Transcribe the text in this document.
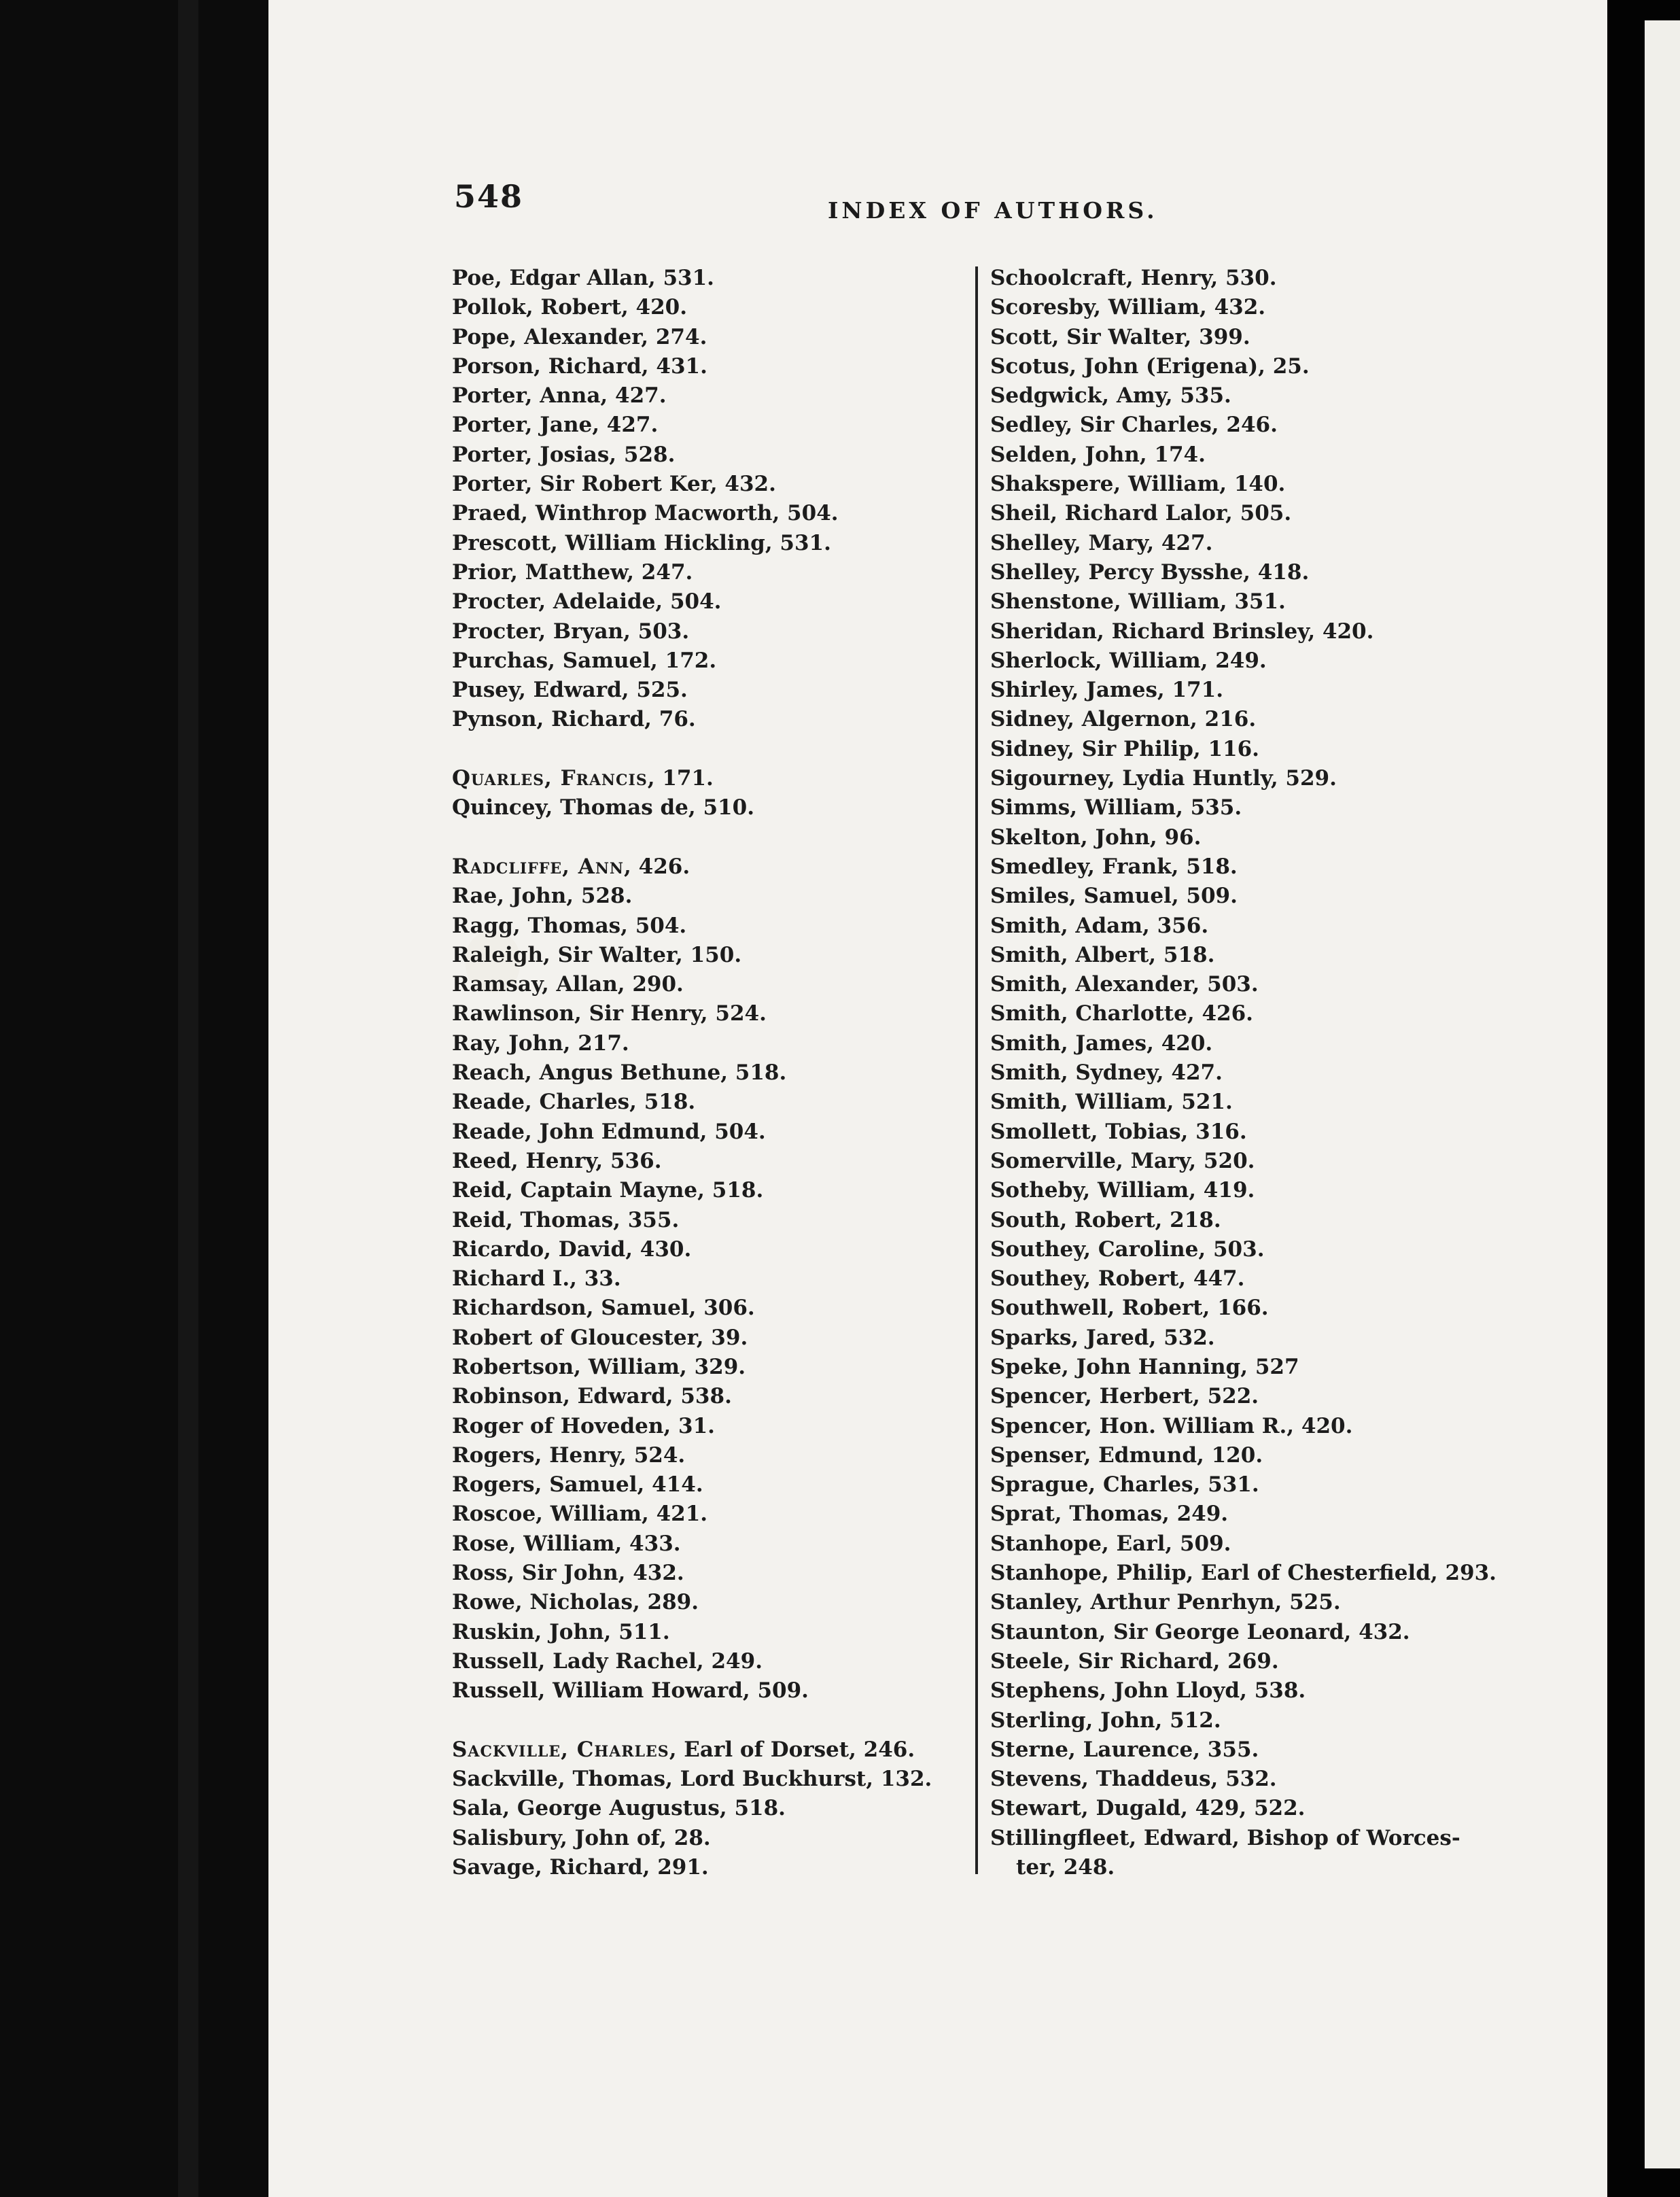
548	INDEX OF AUTHORS.
Poe, Edgar Allan, 531.
Pollok, Robert, 420.
Pope, Alexander, 274.
Porson, Richard, 431.
Porter, Anna, 427.
Porter, Jane, 427.
Porter, Josias, 528.
Porter, Sir Robert Ker, 432.
Praed, Winthrop Macworth, 504.
Prescott, William Hickling, 531.
Prior, Matthew, 247.
Procter, Adelaide, 504.
Procter, Bryan, 503.
Purchas, Samuel, 172.
Pusey, Edward, 525.
Pynson, Richard, 76.
Quarles, Francis, 171.
Quincey, Thomas de, 510.
Radcliffe, Ann, 426.
Rae, John, 528.
Ragg, Thomas, 504.
Raleigh, Sir Walter, 150.
Ramsay, Allan, 290.
Rawlinson, Sir Henry, 524.
Ray, John, 217.
Reach, Angus Bethune, 518.
Reade, Charles, 518.
Reade, John Edmund, 504.
Reed, Henry, 536.
Reid, Captain Mayne, 518.
Reid, Thomas, 355.
Ricardo, David, 430.
Richard I., 33.
Richardson, Samuel, 306.
Robert of Gloucester, 39.
Robertson, William, 329.
Robinson, Edward, 538.
Roger of Hoveden, 31.
Rogers, Henry, 524.
Rogers, Samuel, 414.
Roscoe, William, 421.
Rose, William, 433.
Ross, Sir John, 432.
Rowe, Nicholas, 289.
Ruskin, John, 511.
Russell, Lady Rachel, 249.
Russell, William Howard, 509.
Sackville, Charles, Earl of Dorset, 246.
Sackville, Thomas, Lord Buckhurst, 132.
Sala, George Augustus, 518.
Salisbury, John of, 28.
Savage, Richard, 291.
Schoolcraft, Henry, 530.
Scoresby, William, 432.
Scott, Sir Walter, 399.
Scotus, John (Erigena), 25.
Sedgwick, Amy, 535.
Sedley, Sir Charles, 246.
Selden, John, 174.
Shakspere, William, 140.
Sheil, Richard Lalor, 505.
Shelley, Mary, 427.
Shelley, Percy Bysshe, 418.
Shenstone, William, 351.
Sheridan, Richard Brinsley, 420.
Sherlock, William, 249.
Shirley, James, 171.
Sidney, Algernon, 216.
Sidney, Sir Philip, 116.
Sigourney, Lydia Huntly, 529.
Simms, William, 535.
Skelton, John, 96.
Smedley, Frank, 518.
Smiles, Samuel, 509.
Smith, Adam, 356.
Smith, Albert, 518.
Smith, Alexander, 503.
Smith, Charlotte, 426.
Smith, James, 420.
Smith, Sydney, 427.
Smith, William, 521.
Smollett, Tobias, 316.
Somerville, Mary, 520.
Sotheby, William, 419.
South, Robert, 218.
Southey, Caroline, 503.
Southey, Robert, 447.
Southwell, Robert, 166.
Sparks, Jared, 532.
Speke, John Hanning, 527
Spencer, Herbert, 522.
Spencer, Hon. William R., 420.
Spenser, Edmund, 120.
Sprague, Charles, 531.
Sprat, Thomas, 249.
Stanhope, Earl, 509.
Stanhope, Philip, Earl of Chesterfield, 293.
Stanley, Arthur Penrhyn, 525.
Staunton, Sir George Leonard, 432.
Steele, Sir Richard, 269.
Stephens, John Lloyd, 538.
Sterling, John, 512.
Sterne, Laurence, 355.
Stevens, Thaddeus, 532.
Stewart, Dugald, 429, 522.
Stillingfleet, Edward, Bishop of Worces-
ter, 248.
